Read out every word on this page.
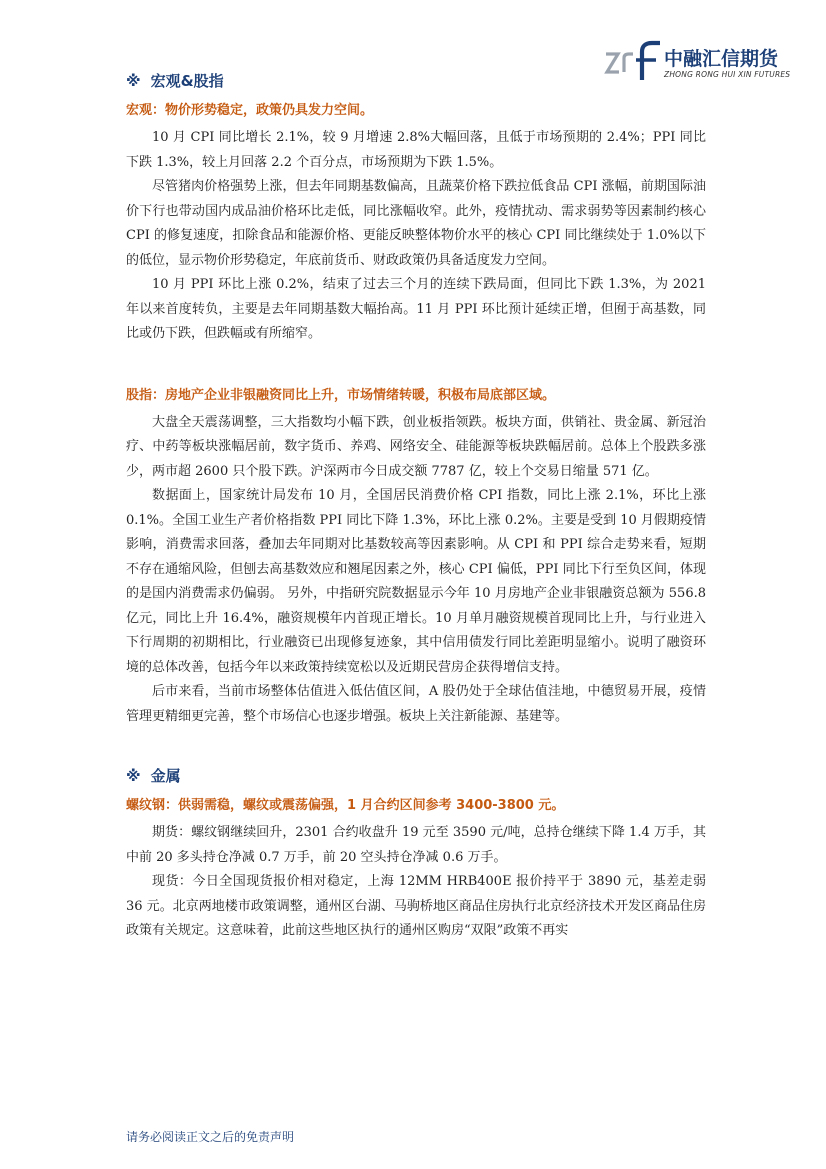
中融汇信期货
ZHONG RONG HUI XIN FUTURES
※ 宏观&股指
宏观：物价形势稳定，政策仍具发力空间。

10 月 CPI 同比增长 2.1%，较 9 月增速 2.8%大幅回落，且低于市场预期的 2.4%；PPI 同比下跌 1.3%，较上月回落 2.2 个百分点，市场预期为下跌 1.5%。

尽管猪肉价格强势上涨，但去年同期基数偏高，且蔬菜价格下跌拉低食品 CPI 涨幅，前期国际油价下行也带动国内成品油价格环比走低，同比涨幅收窄。此外，疫情扰动、需求弱势等因素制约核心 CPI 的修复速度，扣除食品和能源价格、更能反映整体物价水平的核心 CPI 同比继续处于 1.0%以下的低位，显示物价形势稳定，年底前货币、财政政策仍具备适度发力空间。

10 月 PPI 环比上涨 0.2%，结束了过去三个月的连续下跌局面，但同比下跌 1.3%，为 2021 年以来首度转负，主要是去年同期基数大幅抬高。11 月 PPI 环比预计延续正增，但囿于高基数，同比或仍下跌，但跌幅或有所缩窄。

股指：房地产企业非银融资同比上升，市场情绪转暖，积极布局底部区域。

大盘全天震荡调整，三大指数均小幅下跌，创业板指领跌。板块方面，供销社、贵金属、新冠治疗、中药等板块涨幅居前，数字货币、养鸡、网络安全、硅能源等板块跌幅居前。总体上个股跌多涨少，两市超 2600 只个股下跌。沪深两市今日成交额 7787 亿，较上个交易日缩量 571 亿。

数据面上，国家统计局发布 10 月，全国居民消费价格 CPI 指数，同比上涨 2.1%，环比上涨 0.1%。全国工业生产者价格指数 PPI 同比下降 1.3%，环比上涨 0.2%。主要是受到 10 月假期疫情影响，消费需求回落，叠加去年同期对比基数较高等因素影响。从 CPI 和 PPI 综合走势来看，短期不存在通缩风险，但刨去高基数效应和翘尾因素之外，核心 CPI 偏低，PPI 同比下行至负区间，体现的是国内消费需求仍偏弱。 另外，中指研究院数据显示今年 10 月房地产企业非银融资总额为 556.8 亿元，同比上升 16.4%，融资规模年内首现正增长。10 月单月融资规模首现同比上升，与行业进入下行周期的初期相比，行业融资已出现修复迹象，其中信用债发行同比差距明显缩小。说明了融资环境的总体改善，包括今年以来政策持续宽松以及近期民营房企获得增信支持。

后市来看，当前市场整体估值进入低估值区间，A 股仍处于全球估值洼地，中德贸易开展，疫情管理更精细更完善，整个市场信心也逐步增强。板块上关注新能源、基建等。

※ 金属
螺纹钢：供弱需稳，螺纹或震荡偏强，1 月合约区间参考 3400-3800 元。

期货：螺纹钢继续回升，2301 合约收盘升 19 元至 3590 元/吨，总持仓继续下降 1.4 万手，其中前 20 多头持仓净减 0.7 万手，前 20 空头持仓净减 0.6 万手。

现货：今日全国现货报价相对稳定，上海 12MM HRB400E 报价持平于 3890 元，基差走弱 36 元。北京两地楼市政策调整，通州区台湖、马驹桥地区商品住房执行北京经济技术开发区商品住房政策有关规定。这意味着，此前这些地区执行的通州区购房“双限”政策不再实

请务必阅读正文之后的免责声明
